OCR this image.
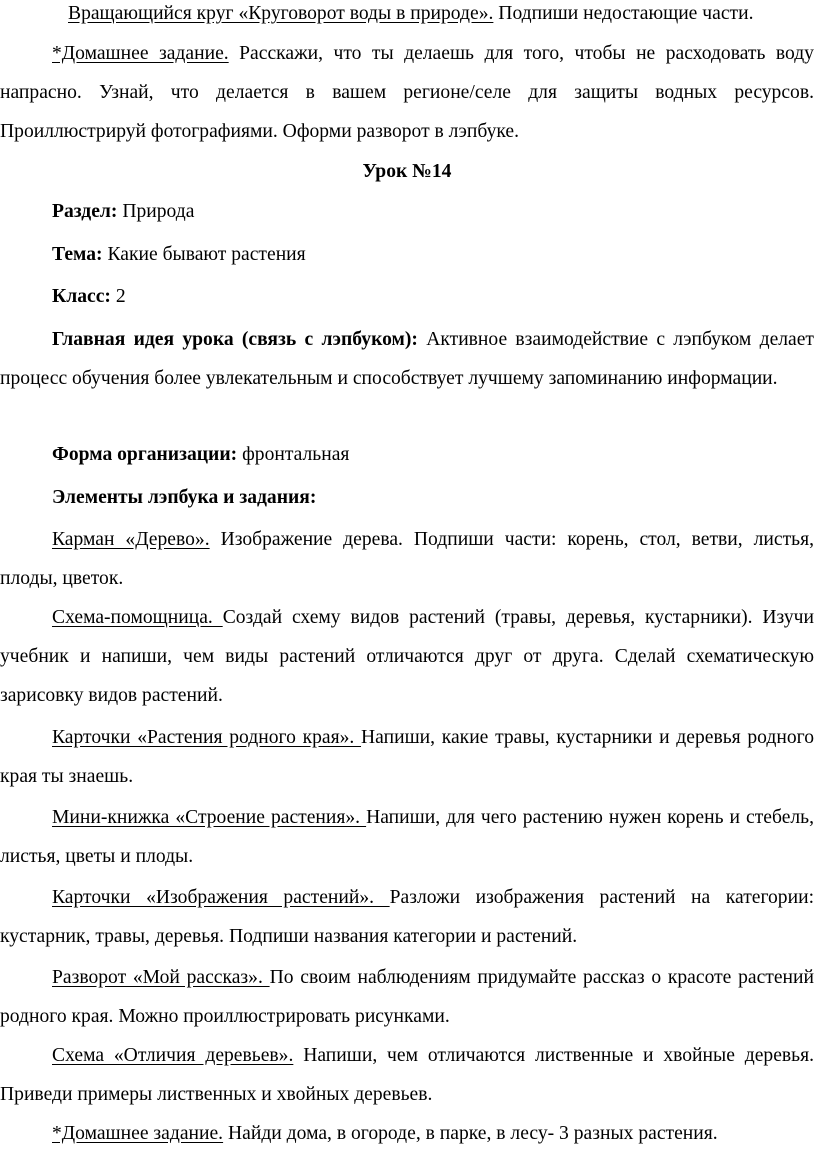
Вращающийся круг «Круговорот воды в природе». Подпиши недостающие части.

*Домашнее задание. Расскажи, что ты делаешь для того, чтобы не расходовать воду напрасно. Узнай, что делается в вашем регионе/селе для защиты водных ресурсов. Проиллюстрируй фотографиями. Оформи разворот в лэпбуке.

Урок №14

Раздел: Природа

Тема: Какие бывают растения

Класс: 2

Главная идея урока (связь с лэпбуком): Активное взаимодействие с лэпбуком делает процесс обучения более увлекательным и способствует лучшему запоминанию информации.

Форма организации: фронтальная

Элементы лэпбука и задания:

Карман «Дерево». Изображение дерева. Подпиши части: корень, стол, ветви, листья, плоды, цветок.

Схема-помощница. Создай схему видов растений (травы, деревья, кустарники). Изучи учебник и напиши, чем виды растений отличаются друг от друга. Сделай схематическую зарисовку видов растений.

Карточки «Растения родного края». Напиши, какие травы, кустарники и деревья родного края ты знаешь.

Мини-книжка «Строение растения». Напиши, для чего растению нужен корень и стебель, листья, цветы и плоды.

Карточки «Изображения растений». Разложи изображения растений на категории: кустарник, травы, деревья. Подпиши названия категории и растений.

Разворот «Мой рассказ». По своим наблюдениям придумайте рассказ о красоте растений родного края. Можно проиллюстрировать рисунками.

Схема «Отличия деревьев». Напиши, чем отличаются лиственные и хвойные деревья. Приведи примеры лиственных и хвойных деревьев.

*Домашнее задание. Найди дома, в огороде, в парке, в лесу- 3 разных растения.
